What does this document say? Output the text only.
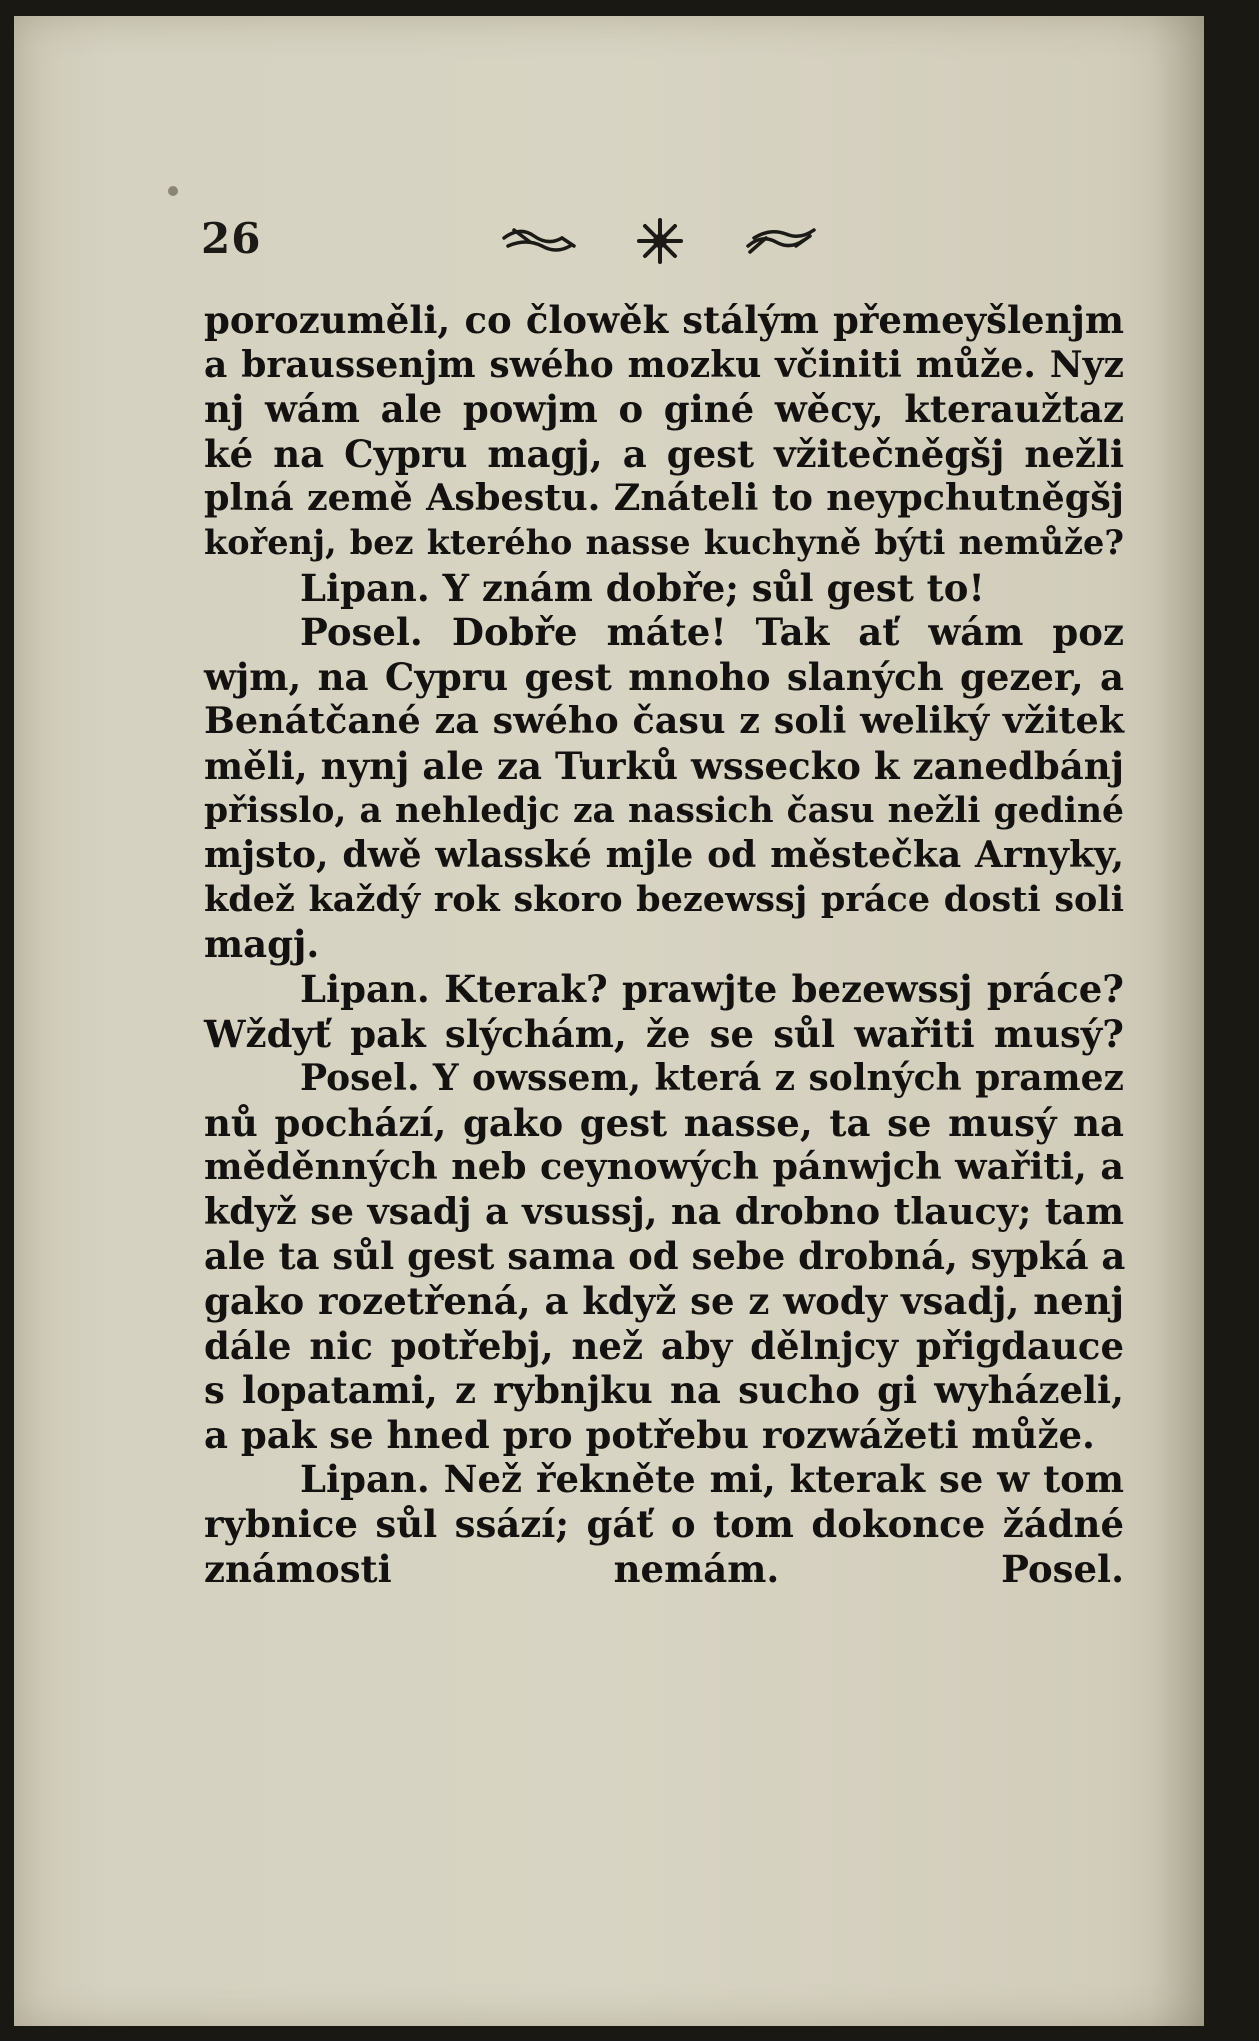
26
porozuměli, co člowěk stálým přemeyšlenjm
a braussenjm swého mozku včiniti může. Nyz
nj wám ale powjm o giné wěcy, kteraužtaz
ké na Cypru magj, a gest vžitečněgšj nežli
plná země Asbestu. Znáteli to neypchutněgšj
kořenj, bez kterého nasse kuchyně býti nemůže?
Lipan. Y znám dobře; sůl gest to!
Posel. Dobře máte! Tak ať wám poz
wjm, na Cypru gest mnoho slaných gezer, a
Benátčané za swého času z soli weliký vžitek
měli, nynj ale za Turků wssecko k zanedbánj
přisslo, a nehledjc za nassich času nežli gediné
mjsto, dwě wlasské mjle od městečka Arnyky,
kdež každý rok skoro bezewssj práce dosti soli
magj.
Lipan. Kterak? prawjte bezewssj práce?
Wždyť pak slýchám, že se sůl wařiti musý?
Posel. Y owssem, která z solných pramez
nů pochází, gako gest nasse, ta se musý na
měděnných neb ceynowých pánwjch wařiti, a
když se vsadj a vsussj, na drobno tlaucy; tam
ale ta sůl gest sama od sebe drobná, sypká a
gako rozetřená, a když se z wody vsadj, nenj
dále nic potřebj, než aby dělnjcy přigdauce
s lopatami, z rybnjku na sucho gi wyházeli,
a pak se hned pro potřebu rozwážeti může.
Lipan. Než řekněte mi, kterak se w tom
rybnice sůl ssází; gáť o tom dokonce žádné
známosti nemám.	Posel.
